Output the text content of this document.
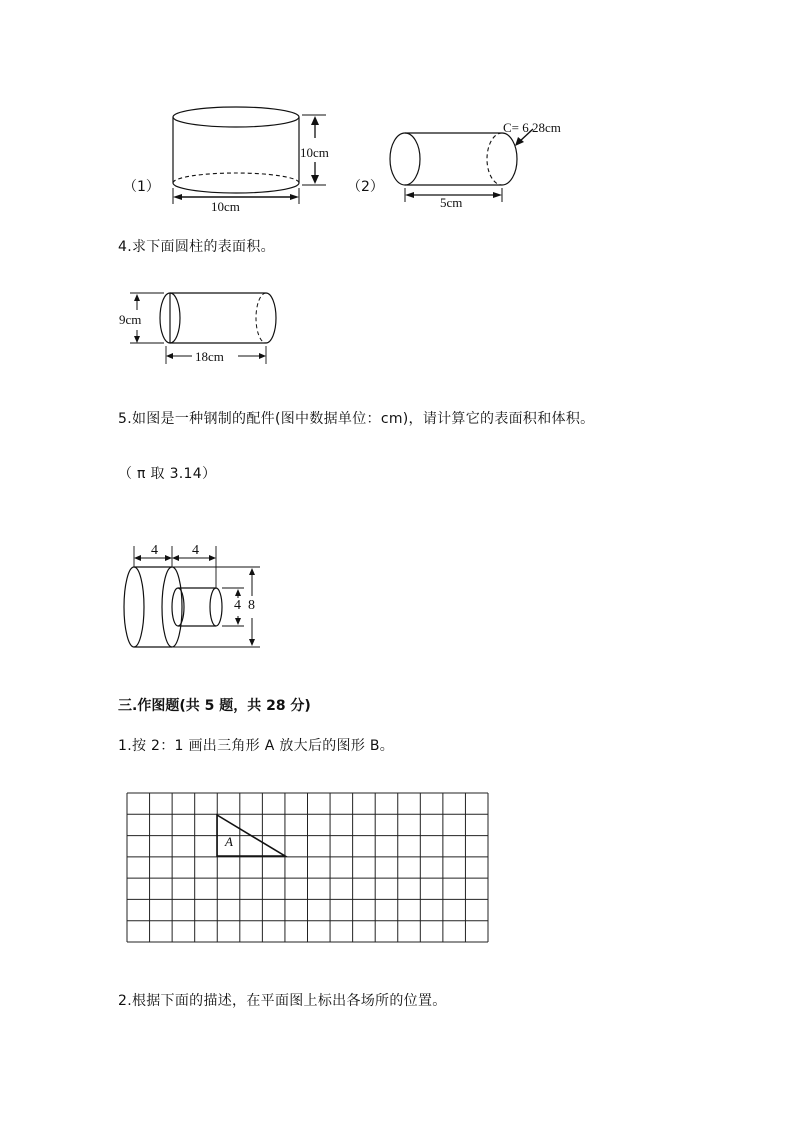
（1）
10cm
10cm
（2）
C= 6.28cm
5cm
4.求下面圆柱的表面积。
9cm
18cm
5.如图是一种钢制的配件(图中数据单位：cm)，请计算它的表面积和体积。
（ π 取 3.14）
4 4
4 8
三.作图题(共 5 题，共 28 分)
1.按 2：1 画出三角形 A 放大后的图形 B。
A
2.根据下面的描述，在平面图上标出各场所的位置。
